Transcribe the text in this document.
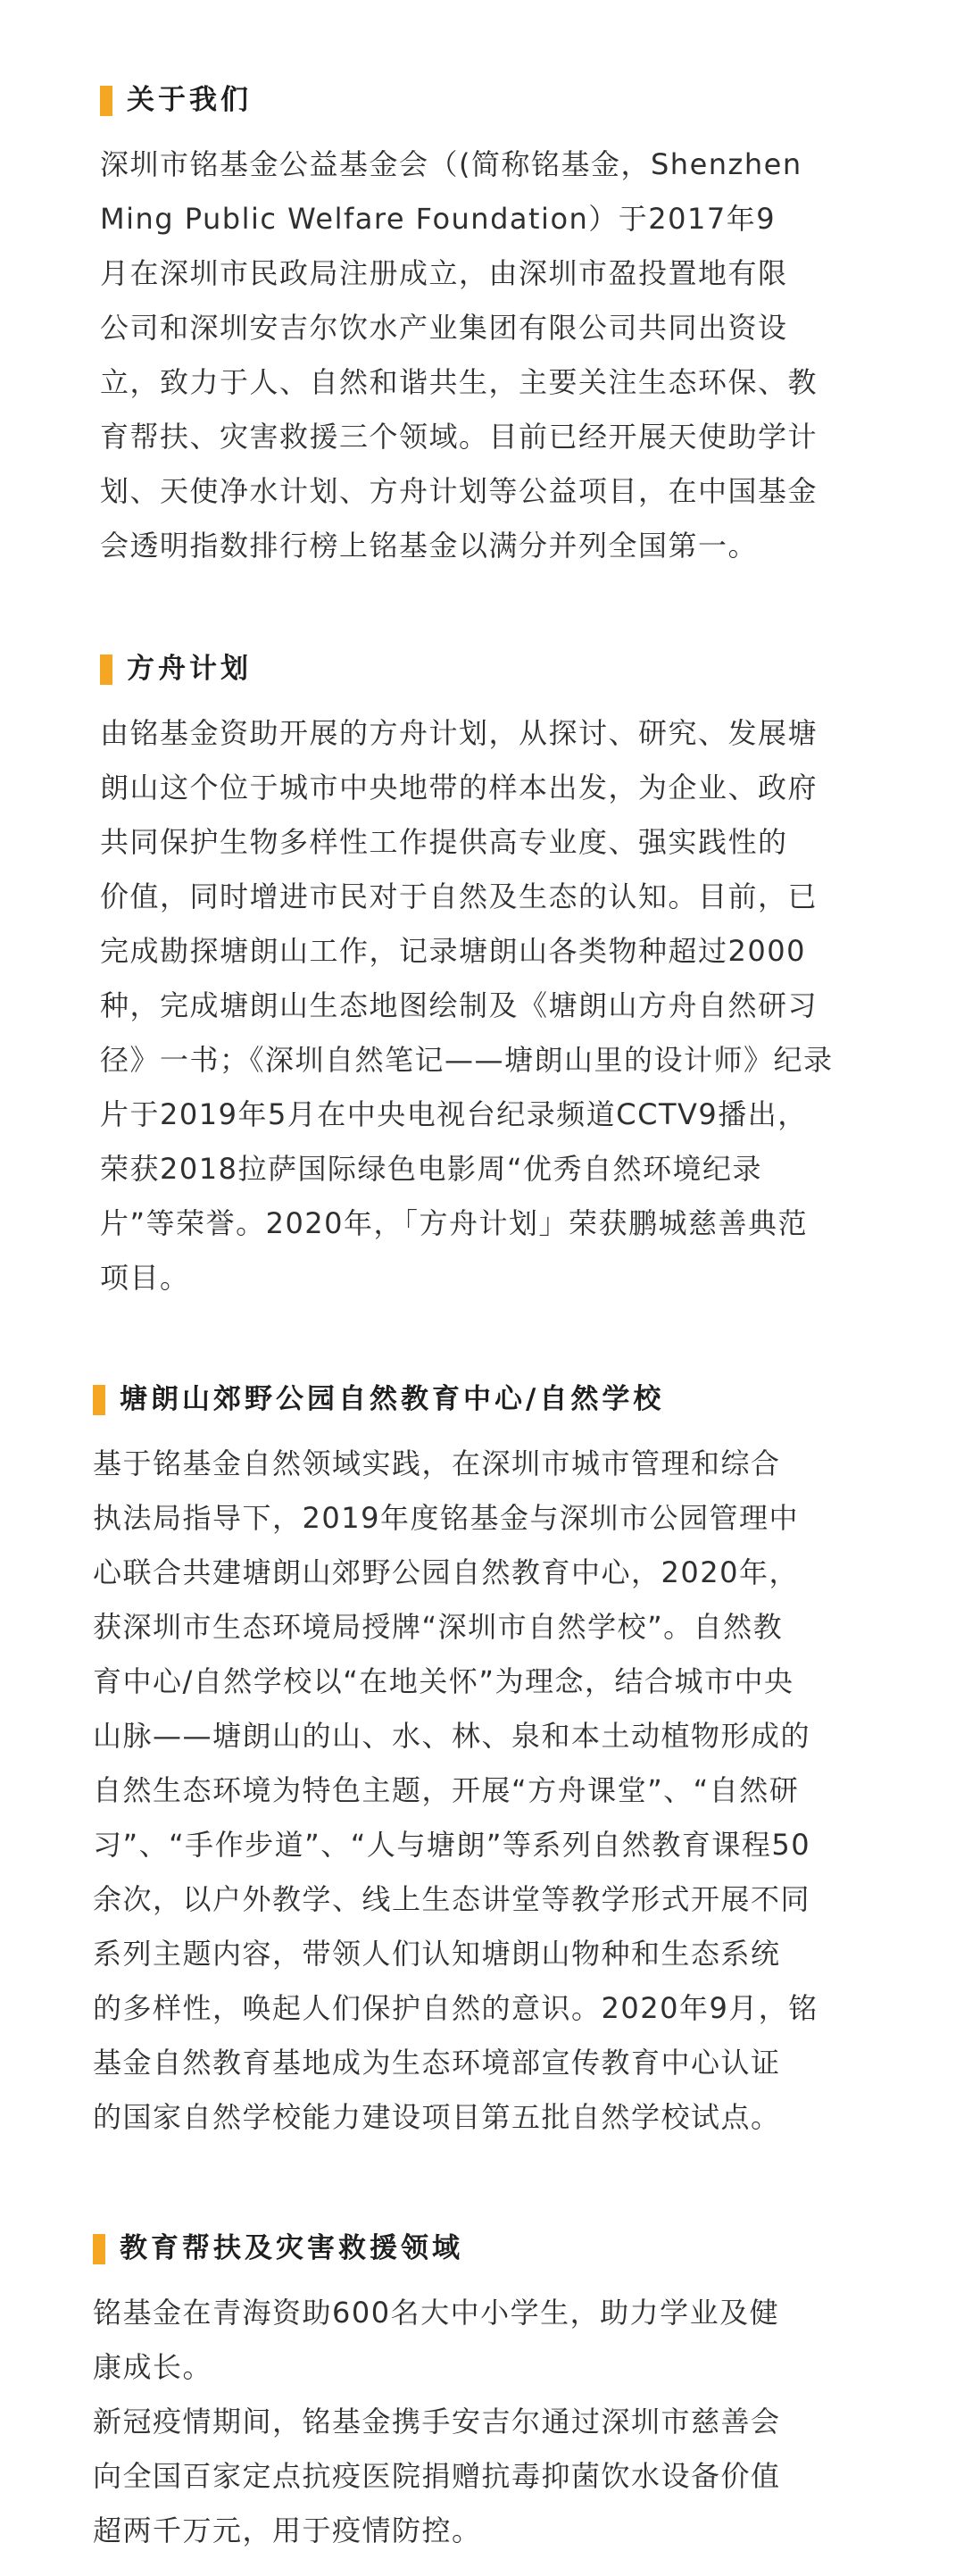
关于我们
深圳市铭基金公益基金会（(简称铭基金，Shenzhen
Ming Public Welfare Foundation）于2017年9
月在深圳市民政局注册成立，由深圳市盈投置地有限
公司和深圳安吉尔饮水产业集团有限公司共同出资设
立，致力于人、自然和谐共生，主要关注生态环保、教
育帮扶、灾害救援三个领域。目前已经开展天使助学计
划、天使净水计划、方舟计划等公益项目，在中国基金
会透明指数排行榜上铭基金以满分并列全国第一。
方舟计划
由铭基金资助开展的方舟计划，从探讨、研究、发展塘
朗山这个位于城市中央地带的样本出发，为企业、政府
共同保护生物多样性工作提供高专业度、强实践性的
价值，同时增进市民对于自然及生态的认知。目前，已
完成勘探塘朗山工作，记录塘朗山各类物种超过2000
种，完成塘朗山生态地图绘制及《塘朗山方舟自然研习
径》一书；《深圳自然笔记——塘朗山里的设计师》纪录
片于2019年5月在中央电视台纪录频道CCTV9播出，
荣获2018拉萨国际绿色电影周“优秀自然环境纪录
片”等荣誉。2020年，「方舟计划」荣获鹏城慈善典范
项目。
塘朗山郊野公园自然教育中心/自然学校
基于铭基金自然领域实践，在深圳市城市管理和综合
执法局指导下，2019年度铭基金与深圳市公园管理中
心联合共建塘朗山郊野公园自然教育中心，2020年，
获深圳市生态环境局授牌“深圳市自然学校”。自然教
育中心/自然学校以“在地关怀”为理念，结合城市中央
山脉——塘朗山的山、水、林、泉和本土动植物形成的
自然生态环境为特色主题，开展“方舟课堂”、“自然研
习”、“手作步道”、“人与塘朗”等系列自然教育课程50
余次，以户外教学、线上生态讲堂等教学形式开展不同
系列主题内容，带领人们认知塘朗山物种和生态系统
的多样性，唤起人们保护自然的意识。2020年9月，铭
基金自然教育基地成为生态环境部宣传教育中心认证
的国家自然学校能力建设项目第五批自然学校试点。
教育帮扶及灾害救援领域
铭基金在青海资助600名大中小学生，助力学业及健
康成长。
新冠疫情期间，铭基金携手安吉尔通过深圳市慈善会
向全国百家定点抗疫医院捐赠抗毒抑菌饮水设备价值
超两千万元，用于疫情防控。
